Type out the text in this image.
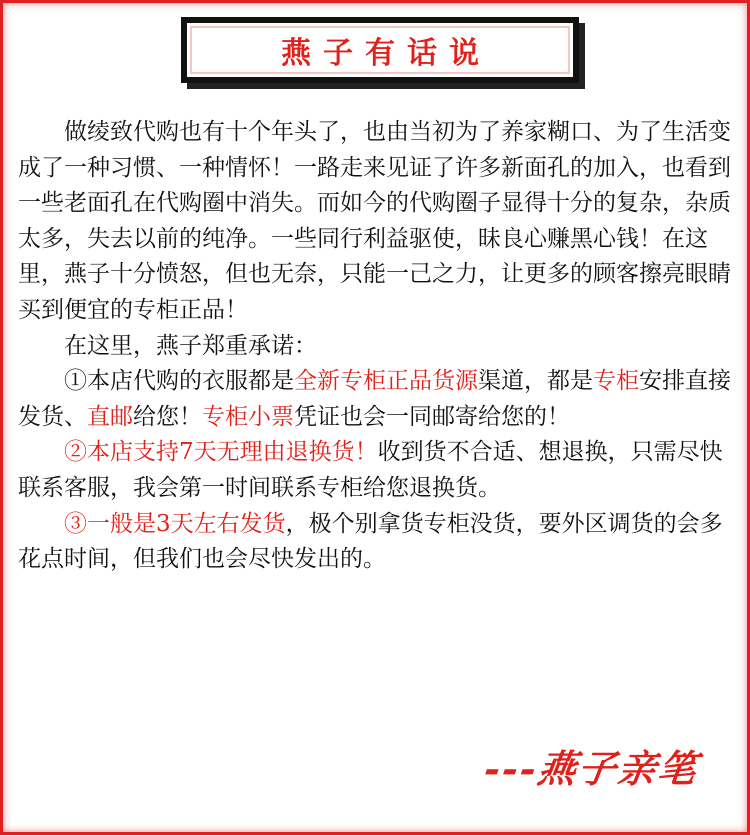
燕子有话说

做绫致代购也有十个年头了，也由当初为了养家糊口、为了生活变成了一种习惯、一种情怀！一路走来见证了许多新面孔的加入，也看到一些老面孔在代购圈中消失。而如今的代购圈子显得十分的复杂，杂质太多，失去以前的纯净。一些同行利益驱使，昧良心赚黑心钱！在这里，燕子十分愤怒，但也无奈，只能一己之力，让更多的顾客擦亮眼睛买到便宜的专柜正品！

在这里，燕子郑重承诺：

①本店代购的衣服都是全新专柜正品货源渠道，都是专柜安排直接发货、直邮给您！专柜小票凭证也会一同邮寄给您的！

②本店支持7天无理由退换货！收到货不合适、想退换，只需尽快联系客服，我会第一时间联系专柜给您退换货。

③一般是3天左右发货，极个别拿货专柜没货，要外区调货的会多花点时间，但我们也会尽快发出的。

---燕子亲笔
